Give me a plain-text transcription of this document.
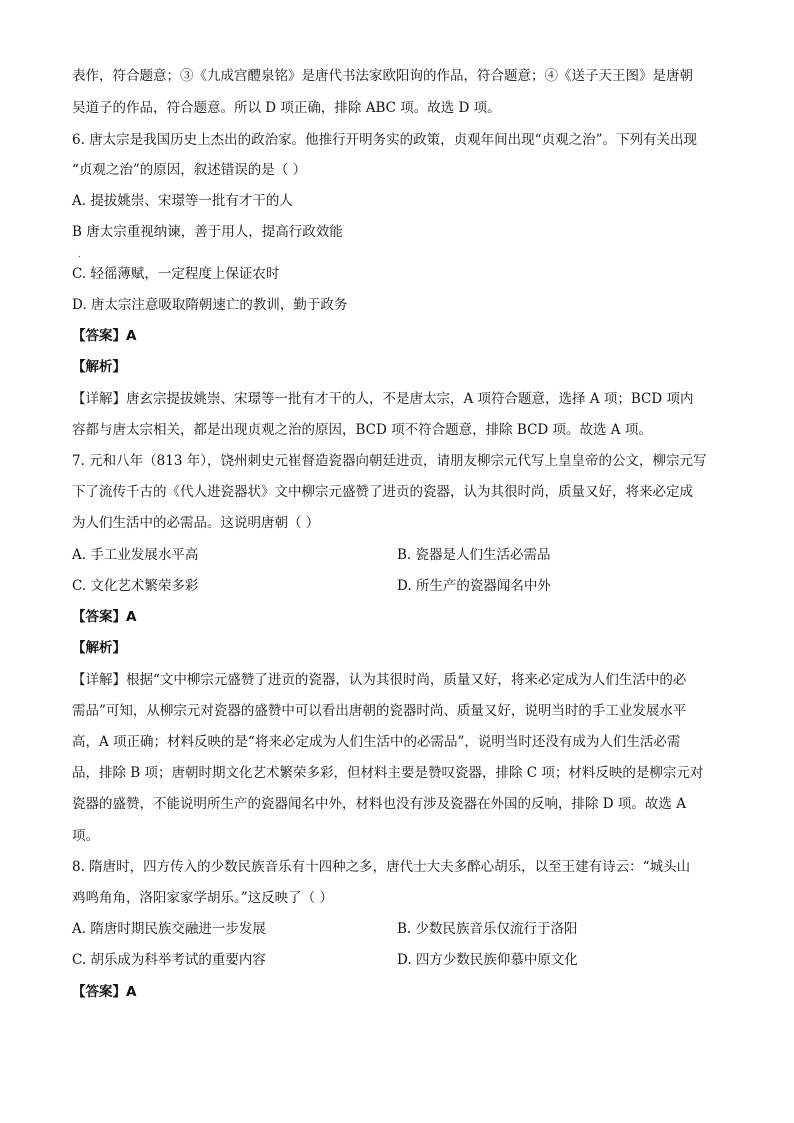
表作，符合题意；③《九成宫醴泉铭》是唐代书法家欧阳询的作品，符合题意；④《送子天王图》是唐朝
吴道子的作品，符合题意。所以 D 项正确，排除 ABC 项。故选 D 项。
6. 唐太宗是我国历史上杰出的政治家。他推行开明务实的政策，贞观年间出现“贞观之治”。下列有关出现
“贞观之治”的原因，叙述错误的是（ ）
A. 提拔姚崇、宋璟等一批有才干的人
B 唐太宗重视纳谏，善于用人，提高行政效能
.
C. 轻徭薄赋，一定程度上保证农时
D. 唐太宗注意吸取隋朝速亡的教训，勤于政务
【答案】A
【解析】
【详解】唐玄宗提拔姚崇、宋璟等一批有才干的人，不是唐太宗，A 项符合题意，选择 A 项；BCD 项内
容都与唐太宗相关，都是出现贞观之治的原因，BCD 项不符合题意，排除 BCD 项。故选 A 项。
7. 元和八年（813 年），饶州刺史元崔督造瓷器向朝廷进贡，请朋友柳宗元代写上皇皇帝的公文，柳宗元写
下了流传千古的《代人进瓷器状》文中柳宗元盛赞了进贡的瓷器，认为其很时尚，质量又好，将来必定成
为人们生活中的必需品。这说明唐朝（ ）
A. 手工业发展水平高	B. 瓷器是人们生活必需品
C. 文化艺术繁荣多彩	D. 所生产的瓷器闻名中外
【答案】A
【解析】
【详解】根据“文中柳宗元盛赞了进贡的瓷器，认为其很时尚，质量又好，将来必定成为人们生活中的必
需品”可知，从柳宗元对瓷器的盛赞中可以看出唐朝的瓷器时尚、质量又好，说明当时的手工业发展水平
高，A 项正确；材料反映的是“将来必定成为人们生活中的必需品”，说明当时还没有成为人们生活必需
品，排除 B 项；唐朝时期文化艺术繁荣多彩，但材料主要是赞叹瓷器，排除 C 项；材料反映的是柳宗元对
瓷器的盛赞，不能说明所生产的瓷器闻名中外，材料也没有涉及瓷器在外国的反响，排除 D 项。故选 A
项。
8. 隋唐时，四方传入的少数民族音乐有十四种之多，唐代士大夫多醉心胡乐，以至王建有诗云：“城头山
鸡鸣角角，洛阳家家学胡乐。”这反映了（ ）
A. 隋唐时期民族交融进一步发展	B. 少数民族音乐仅流行于洛阳
C. 胡乐成为科举考试的重要内容	D. 四方少数民族仰慕中原文化
【答案】A
